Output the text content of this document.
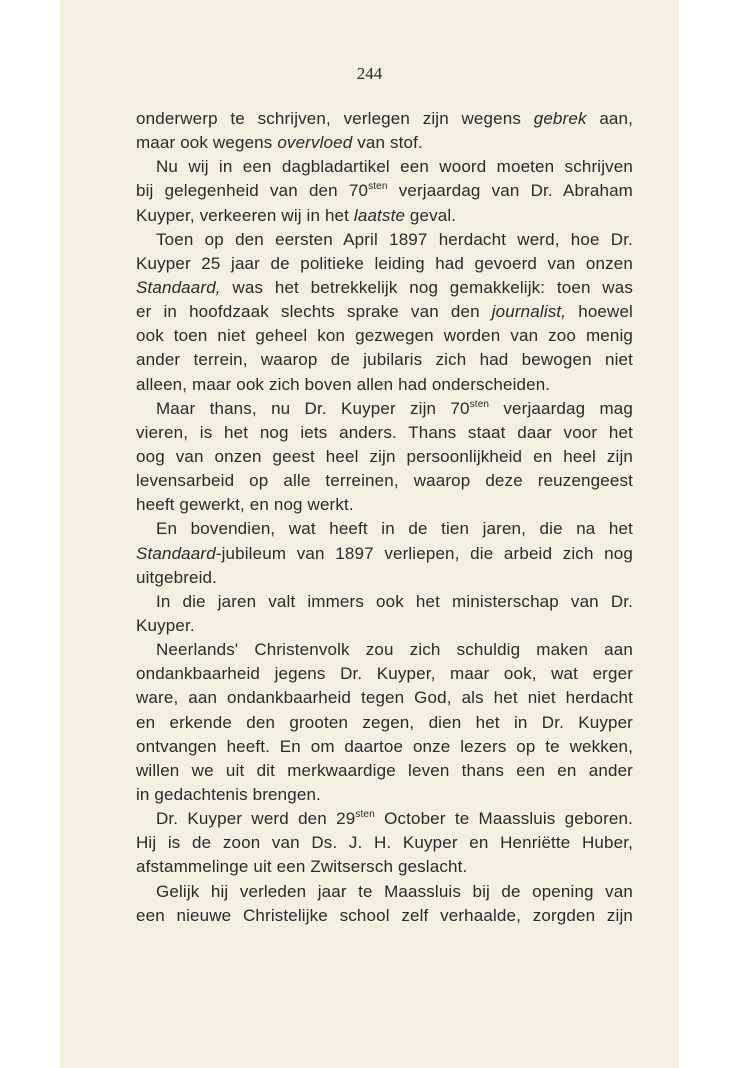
244
onderwerp te schrijven, verlegen zijn wegens gebrek aan,
maar ook wegens overvloed van stof.
Nu wij in een dagbladartikel een woord moeten schrijven
bij gelegenheid van den $70^{sten}$ verjaardag van Dr. Abraham
Kuyper, verkeeren wij in het laatste geval.
Toen op den eersten April 1897 herdacht werd, hoe Dr.
Kuyper 25 jaar de politieke leiding had gevoerd van onzen
Standaard, was het betrekkelijk nog gemakkelijk: toen was
er in hoofdzaak slechts sprake van den journalist, hoewel
ook toen niet geheel kon gezwegen worden van zoo menig
ander terrein, waarop de jubilaris zich had bewogen niet
alleen, maar ook zich boven allen had onderscheiden.
Maar thans, nu Dr. Kuyper zijn $70^{sten}$ verjaardag mag
vieren, is het nog iets anders. Thans staat daar voor het
oog van onzen geest heel zijn persoonlijkheid en heel zijn
levensarbeid op alle terreinen, waarop deze reuzengeest
heeft gewerkt, en nog werkt.
En bovendien, wat heeft in de tien jaren, die na het
Standaard-jubileum van 1897 verliepen, die arbeid zich nog
uitgebreid.
In die jaren valt immers ook het ministerschap van Dr.
Kuyper.
Neerlands' Christenvolk zou zich schuldig maken aan
ondankbaarheid jegens Dr. Kuyper, maar ook, wat erger
ware, aan ondankbaarheid tegen God, als het niet herdacht
en erkende den grooten zegen, dien het in Dr. Kuyper
ontvangen heeft. En om daartoe onze lezers op te wekken,
willen we uit dit merkwaardige leven thans een en ander
in gedachtenis brengen.
Dr. Kuyper werd den $29^{sten}$ October te Maassluis geboren.
Hij is de zoon van Ds. J. H. Kuyper en Henriëtte Huber,
afstammelinge uit een Zwitsersch geslacht.
Gelijk hij verleden jaar te Maassluis bij de opening van
een nieuwe Christelijke school zelf verhaalde, zorgden zijn
